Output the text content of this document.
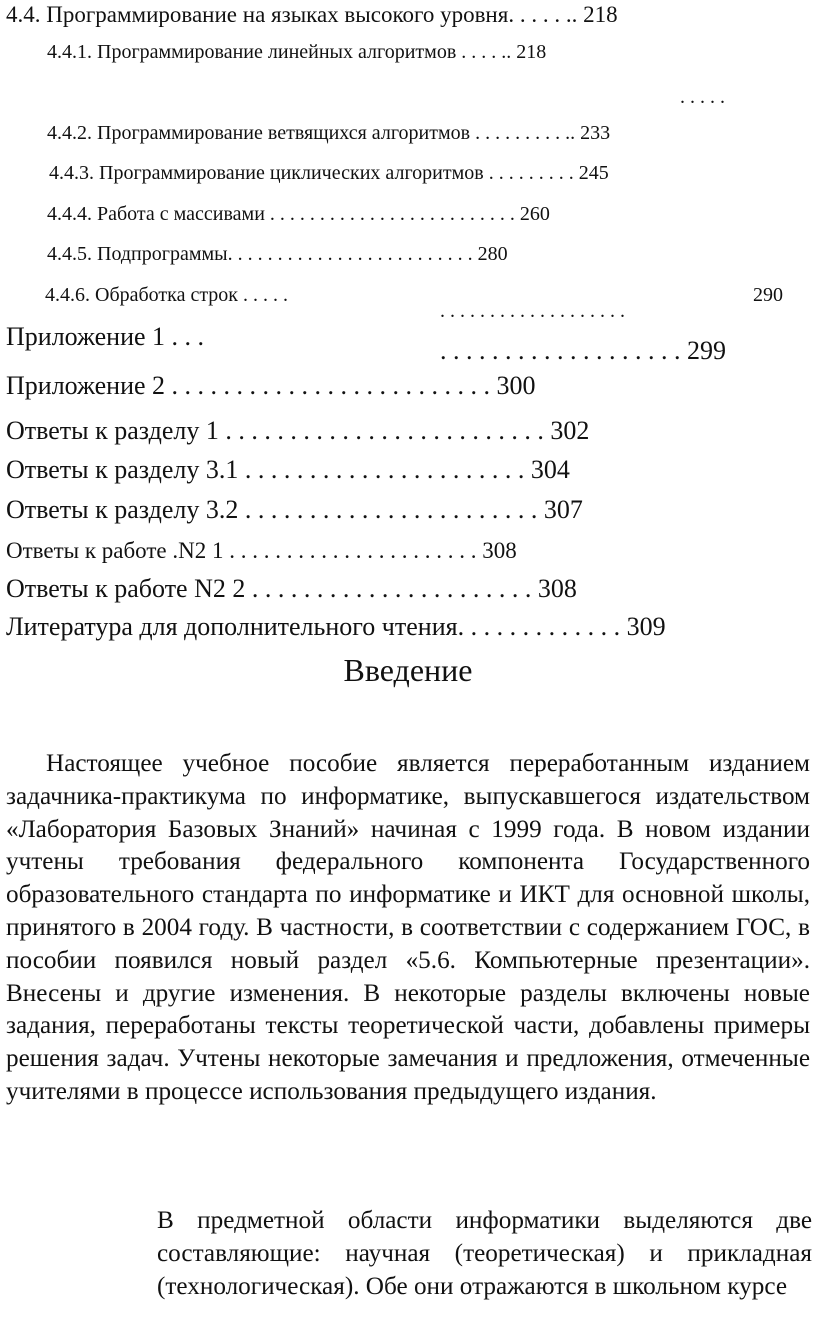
4.4. Программирование на языках высокого уровня. . . . . .. 218
4.4.1. Программирование линейных алгоритмов . . . . .. 218
. . . . .
4.4.2. Программирование ветвящихся алгоритмов . . . . . . . . . .. 233
4.4.3. Программирование циклических алгоритмов . . . . . . . . . 245
4.4.4. Работа с массивами . . . . . . . . . . . . . . . . . . . . . . . . . 260
4.4.5. Подпрограммы. . . . . . . . . . . . . . . . . . . . . . . . . 280
4.4.6. Обработка строк . . . . .	290
. . . . . . . . . . . . . . . . . . .
Приложение 1 . . .	. . . . . . . . . . . . . . . . . . . 299
Приложение 2 . . . . . . . . . . . . . . . . . . . . . . . . . 300
Ответы к разделу 1 . . . . . . . . . . . . . . . . . . . . . . . . . 302
Ответы к разделу 3.1 . . . . . . . . . . . . . . . . . . . . . . 304
Ответы к разделу 3.2 . . . . . . . . . . . . . . . . . . . . . . . 307
Ответы к работе .N2 1 . . . . . . . . . . . . . . . . . . . . . . 308
Ответы к работе N2 2 . . . . . . . . . . . . . . . . . . . . . . 308
Литература для дополнительного чтения. . . . . . . . . . . . . 309
Введение

Настоящее учебное пособие является переработанным изданием задачника-практикума по информатике, выпускавшегося издательством «Лаборатория Базовых Знаний» начиная с 1999 года. В новом издании учтены требования федерального компонента Государственного образовательного стандарта по информатике и ИКТ для основной школы, принятого в 2004 году. В частности, в соответствии с содержанием ГОС, в пособии появился новый раздел «5.6. Компьютерные презентации». Внесены и другие изменения. В некоторые разделы включены новые задания, переработаны тексты теоретической части, добавлены примеры решения задач. Учтены некоторые замечания и предложения, отмеченные учителями в процессе использования предыдущего издания.

В предметной области информатики выделяются две составляющие: научная (теоретическая) и прикладная (технологическая). Обе они отражаются в школьном курсе
